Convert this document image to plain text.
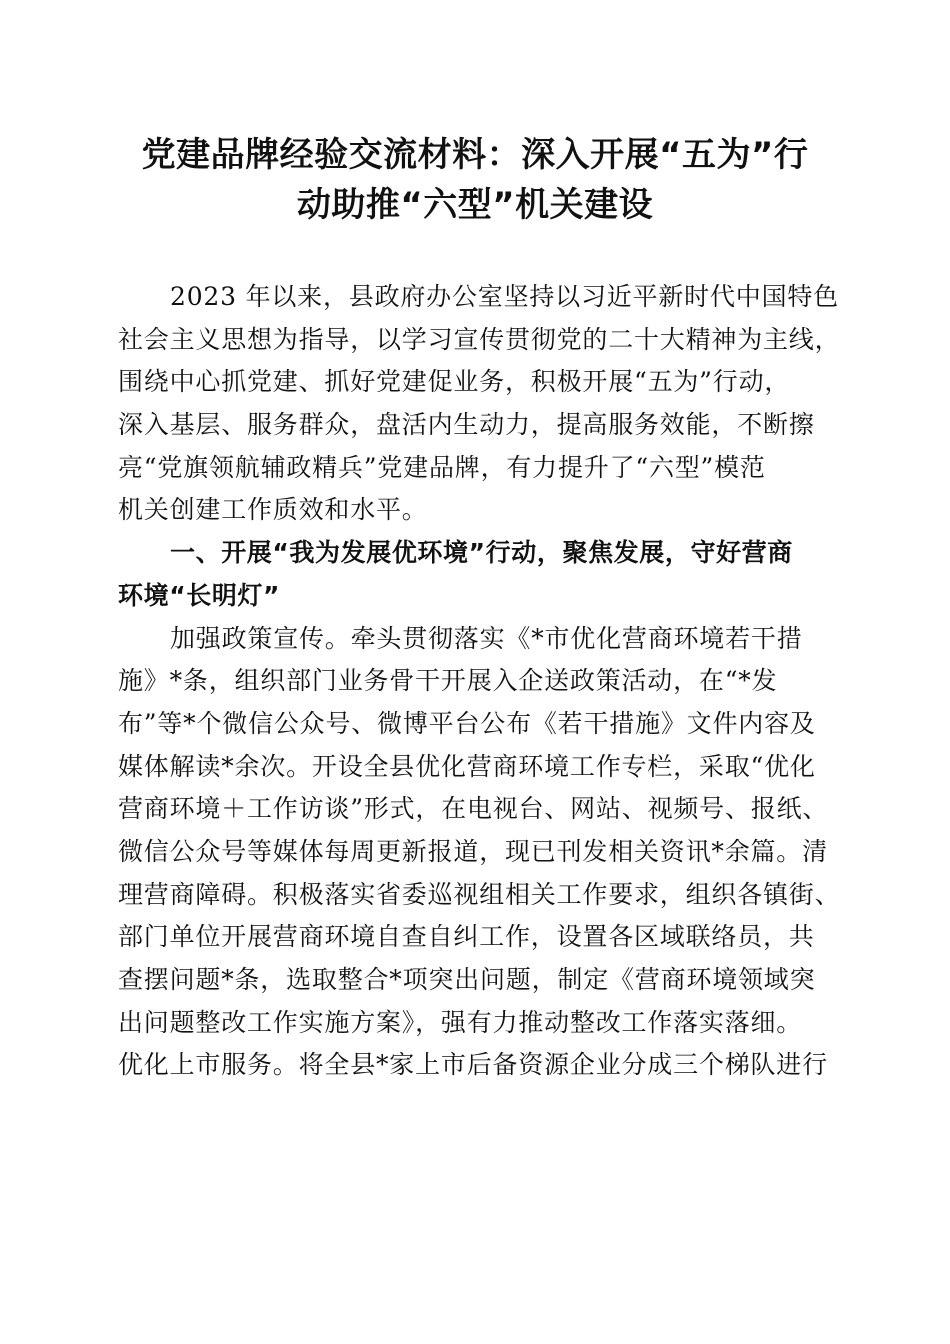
党建品牌经验交流材料：深入开展“五为”行
动助推“六型”机关建设
2023 年以来，县政府办公室坚持以习近平新时代中国特色
社会主义思想为指导，以学习宣传贯彻党的二十大精神为主线，
围绕中心抓党建、抓好党建促业务，积极开展“五为”行动，
深入基层、服务群众，盘活内生动力，提高服务效能，不断擦
亮“党旗领航辅政精兵”党建品牌，有力提升了“六型”模范
机关创建工作质效和水平。
一、开展“我为发展优环境”行动，聚焦发展，守好营商
环境“长明灯”
加强政策宣传。牵头贯彻落实《*市优化营商环境若干措
施》*条，组织部门业务骨干开展入企送政策活动，在“*发
布”等*个微信公众号、微博平台公布《若干措施》文件内容及
媒体解读*余次。开设全县优化营商环境工作专栏，采取“优化
营商环境＋工作访谈”形式，在电视台、网站、视频号、报纸、
微信公众号等媒体每周更新报道，现已刊发相关资讯*余篇。清
理营商障碍。积极落实省委巡视组相关工作要求，组织各镇街、
部门单位开展营商环境自查自纠工作，设置各区域联络员，共
查摆问题*条，选取整合*项突出问题，制定《营商环境领域突
出问题整改工作实施方案》，强有力推动整改工作落实落细。
优化上市服务。将全县*家上市后备资源企业分成三个梯队进行
